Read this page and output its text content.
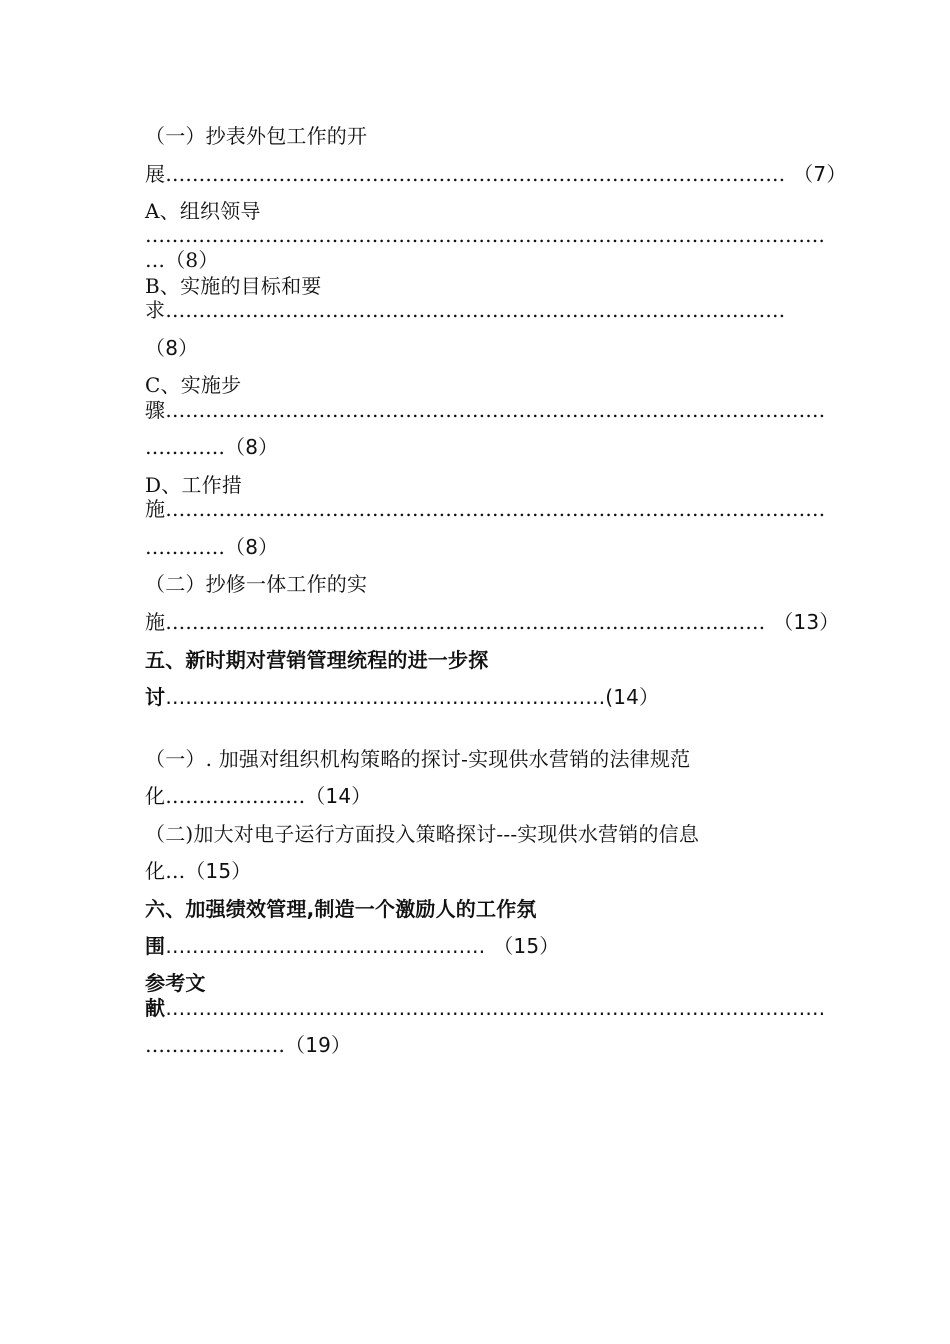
（一）抄表外包工作的开
展………………………………………………………………………………… （7）
A、组织领导
…………………………………………………………………………………………
…（8）
B、实施的目标和要
求…………………………………………………………………………………
（8）
C、实施步
骤………………………………………………………………………………………
…………（8）
D、工作措
施………………………………………………………………………………………
…………（8）
（二）抄修一体工作的实
施……………………………………………………………………………… （13）
五、新时期对营销管理统程的进一步探
讨…………………………………………………………(14）
（一）. 加强对组织机构策略的探讨-实现供水营销的法律规范
化…………………（14）
（二)加大对电子运行方面投入策略探讨---实现供水营销的信息
化…（15）
六、加强绩效管理,制造一个激励人的工作氛
围………………………………………… （15）
参考文
献………………………………………………………………………………………
…………………（19）
